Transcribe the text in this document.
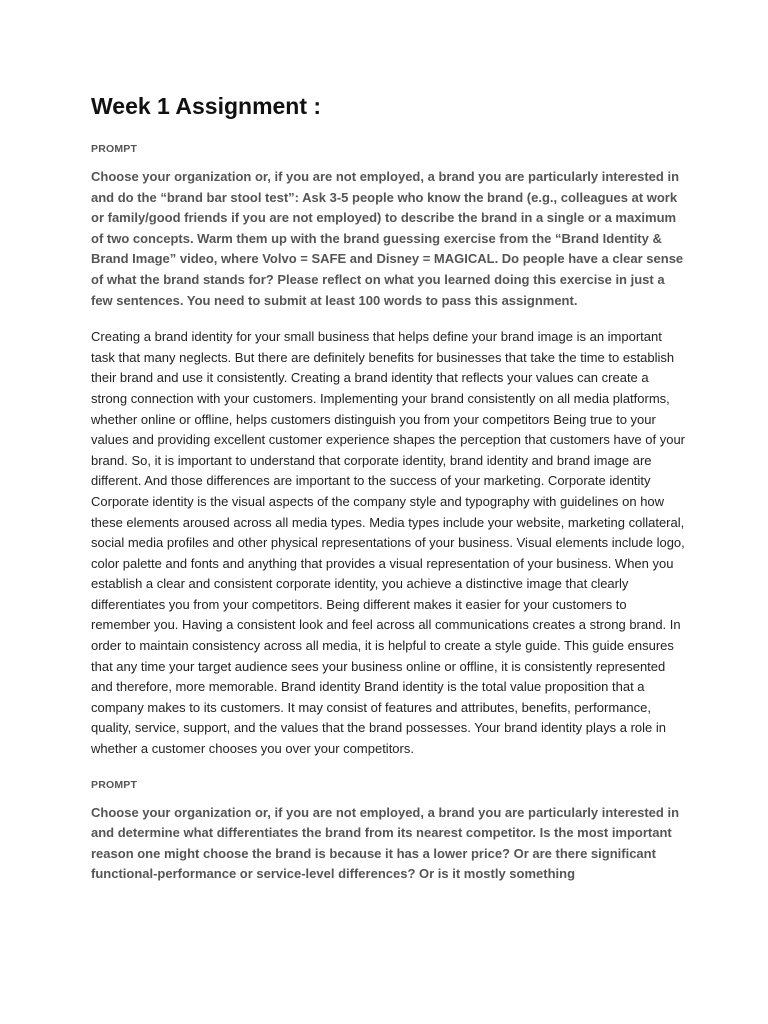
Week 1 Assignment :
PROMPT

Choose your organization or, if you are not employed, a brand you are particularly interested in and do the “brand bar stool test”: Ask 3-5 people who know the brand (e.g., colleagues at work or family/good friends if you are not employed) to describe the brand in a single or a maximum of two concepts. Warm them up with the brand guessing exercise from the “Brand Identity & Brand Image” video, where Volvo = SAFE and Disney = MAGICAL. Do people have a clear sense of what the brand stands for? Please reflect on what you learned doing this exercise in just a few sentences. You need to submit at least 100 words to pass this assignment.

Creating a brand identity for your small business that helps define your brand image is an important task that many neglects. But there are definitely benefits for businesses that take the time to establish their brand and use it consistently. Creating a brand identity that reflects your values can create a strong connection with your customers. Implementing your brand consistently on all media platforms, whether online or offline, helps customers distinguish you from your competitors Being true to your values and providing excellent customer experience shapes the perception that customers have of your brand. So, it is important to understand that corporate identity, brand identity and brand image are different. And those differences are important to the success of your marketing. Corporate identity Corporate identity is the visual aspects of the company style and typography with guidelines on how these elements aroused across all media types. Media types include your website, marketing collateral, social media profiles and other physical representations of your business. Visual elements include logo, color palette and fonts and anything that provides a visual representation of your business. When you establish a clear and consistent corporate identity, you achieve a distinctive image that clearly differentiates you from your competitors. Being different makes it easier for your customers to remember you. Having a consistent look and feel across all communications creates a strong brand. In order to maintain consistency across all media, it is helpful to create a style guide. This guide ensures that any time your target audience sees your business online or offline, it is consistently represented and therefore, more memorable. Brand identity Brand identity is the total value proposition that a company makes to its customers. It may consist of features and attributes, benefits, performance, quality, service, support, and the values that the brand possesses. Your brand identity plays a role in whether a customer chooses you over your competitors.

PROMPT

Choose your organization or, if you are not employed, a brand you are particularly interested in and determine what differentiates the brand from its nearest competitor. Is the most important reason one might choose the brand is because it has a lower price? Or are there significant functional-performance or service-level differences? Or is it mostly something
